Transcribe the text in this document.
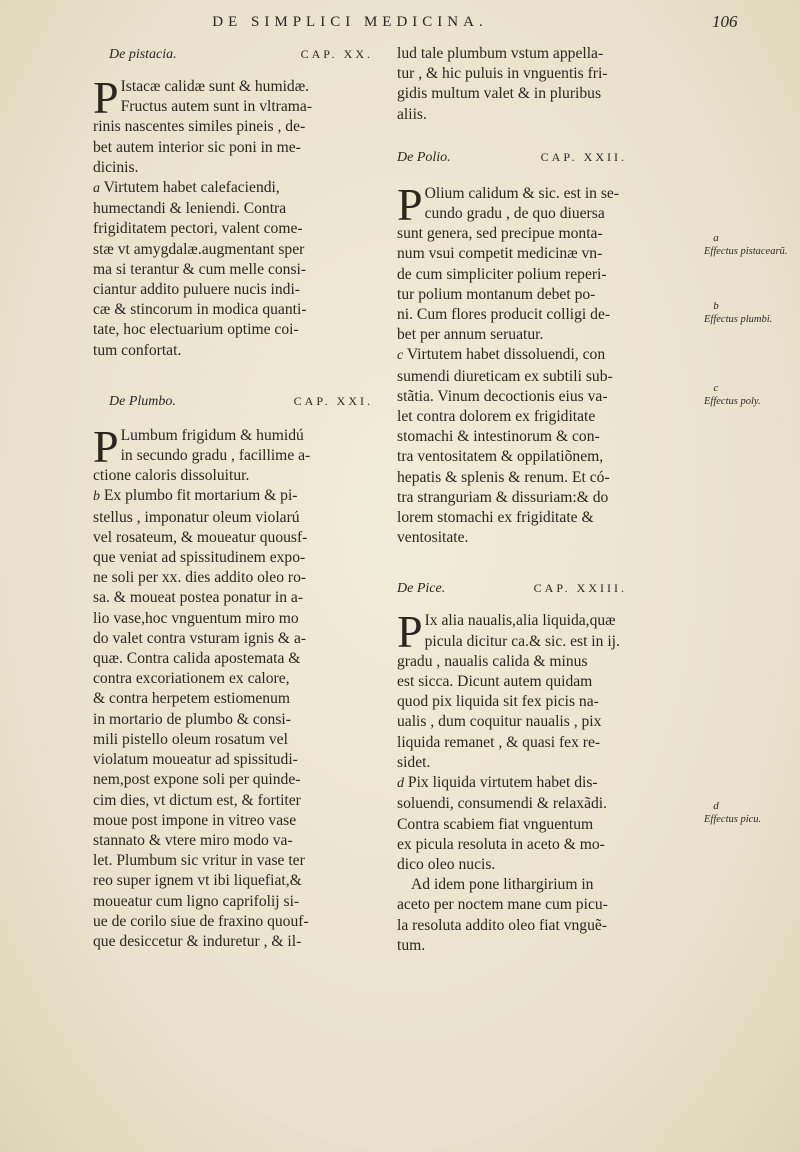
DE SIMPLICI MEDICINA.	106
De pistacia.	CAP. XX.
P Istacæ calidæ sunt & humidæ.
Fructus autem sunt in vltrama-
rinis nascentes similes pineis , de-
bet autem interior sic poni in me-
dicinis.
a Virtutem habet calefaciendi,
humectandi & leniendi. Contra
frigiditatem pectori, valent come-
stæ vt amygdalæ.augmentant sper
ma si terantur & cum melle consi-
ciantur addito puluere nucis indi-
cæ & stincorum in modica quanti-
tate, hoc electuarium optime coi-
tum confortat.
De Plumbo.	CAP. XXI.
P Lumbum frigidum & humidú
in secundo gradu , facillime a-
ctione caloris dissoluitur.
b Ex plumbo fit mortarium & pi-
stellus , imponatur oleum violarú
vel rosateum, & moueatur quousf-
que veniat ad spissitudinem expo-
ne soli per xx. dies addito oleo ro-
sa. & moueat postea ponatur in a-
lio vase,hoc vnguentum miro mo
do valet contra vsturam ignis & a-
quæ. Contra calida apostemata &
contra excoriationem ex calore,
& contra herpetem estiomenum
in mortario de plumbo & consi-
mili pistello oleum rosatum vel
violatum moueatur ad spissitudi-
nem,post expone soli per quinde-
cim dies, vt dictum est, & fortiter
moue post impone in vitreo vase
stannato & vtere miro modo va-
let. Plumbum sic vritur in vase ter
reo super ignem vt ibi liquefiat,&
moueatur cum ligno caprifolij si-
ue de corilo siue de fraxino quouf-
que desiccetur & induretur , & il-
lud tale plumbum vstum appella-
tur , & hic puluis in vnguentis fri-
gidis multum valet & in pluribus
aliis.
De Polio.	CAP. XXII.
P Olium calidum & sic. est in se-
cundo gradu , de quo diuersa
sunt genera, sed precipue monta-
num vsui competit medicinæ vn-
de cum simpliciter polium reperi-
tur polium montanum debet po-
ni. Cum flores producit colligi de-
bet per annum seruatur.
c Virtutem habet dissoluendi, con
sumendi diureticam ex subtili sub-
stãtia. Vinum decoctionis eius va-
let contra dolorem ex frigiditate
stomachi & intestinorum & con-
tra ventositatem & oppilatiõnem,
hepatis & splenis & renum. Et có-
tra stranguriam & dissuriam:& do
lorem stomachi ex frigiditate &
ventositate.
De Pice.	CAP. XXIII.
P Ix alia naualis,alia liquida,quæ
picula dicitur ca.& sic. est in ij.
gradu , naualis calida & minus
est sicca. Dicunt autem quidam
quod pix liquida sit fex picis na-
ualis , dum coquitur naualis , pix
liquida remanet , & quasi fex re-
sidet.
d Pix liquida virtutem habet dis-
soluendi, consumendi & relaxãdi.
Contra scabiem fiat vnguentum
ex picula resoluta in aceto & mo-
dico oleo nucis.
Ad idem pone lithargirium in
aceto per noctem mane cum picu-
la resoluta addito oleo fiat vnguẽ-
tum.
a
Effectus pistacearũ.
b
Effectus plumbi.
c
Effectus poly.
d
Effectus picu.
